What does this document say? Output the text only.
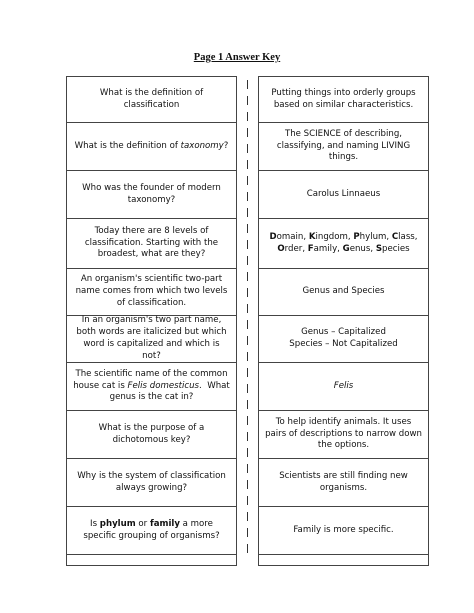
Page 1 Answer Key
What is the definition of classification
What is the definition of taxonomy?
Who was the founder of modern taxonomy?
Today there are 8 levels of classification. Starting with the broadest, what are they?
An organism's scientific two-part name comes from which two levels of classification.
In an organism's two part name, both words are italicized but which word is capitalized and which is not?
The scientific name of the common house cat is Felis domesticus.  What genus is the cat in?
What is the purpose of a dichotomous key?
Why is the system of classification always growing?
Is phylum or family a more specific grouping of organisms?
Putting things into orderly groups based on similar characteristics.
The SCIENCE of describing, classifying, and naming LIVING things.
Carolus Linnaeus
Domain, Kingdom, Phylum, Class, Order, Family, Genus, Species
Genus and Species
Genus – Capitalized
Species – Not Capitalized
Felis
To help identify animals. It uses pairs of descriptions to narrow down the options.
Scientists are still finding new organisms.
Family is more specific.
